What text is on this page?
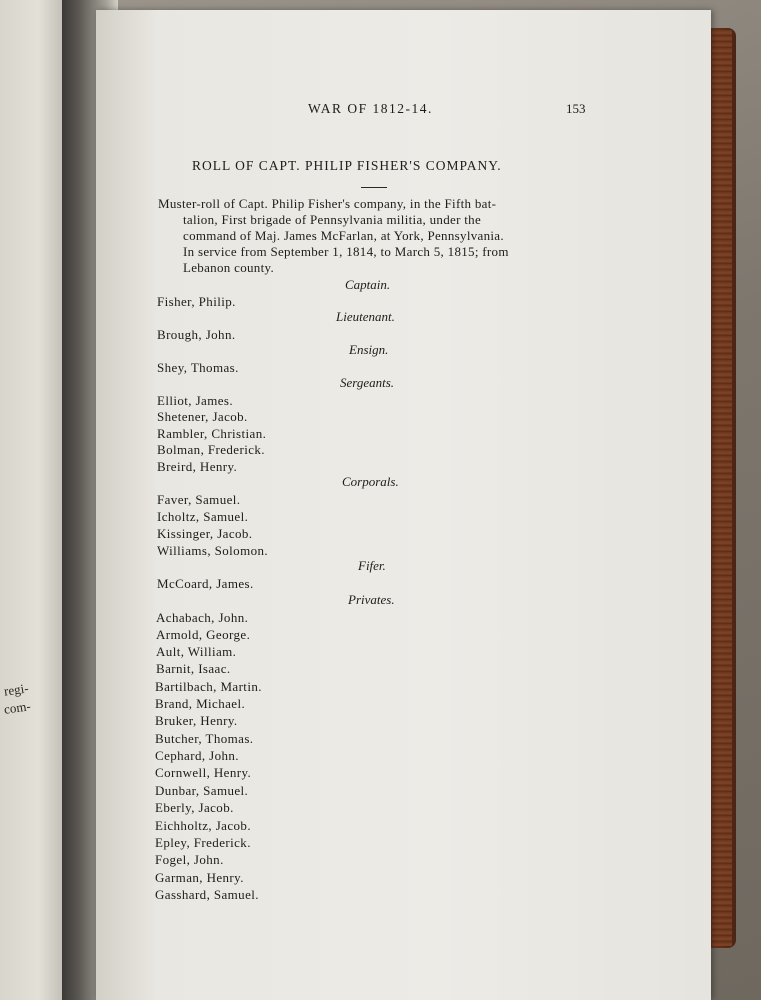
regi-
com-
WAR OF 1812-14.	153
ROLL OF CAPT. PHILIP FISHER'S COMPANY.
Muster-roll of Capt. Philip Fisher's company, in the Fifth bat-
talion, First brigade of Pennsylvania militia, under the
command of Maj. James McFarlan, at York, Pennsylvania.
In service from September 1, 1814, to March 5, 1815; from
Lebanon county.
Captain.
Fisher, Philip.
Lieutenant.
Brough, John.
Ensign.
Shey, Thomas.
Sergeants.
Elliot, James.
Shetener, Jacob.
Rambler, Christian.
Bolman, Frederick.
Breird, Henry.
Corporals.
Faver, Samuel.
Icholtz, Samuel.
Kissinger, Jacob.
Williams, Solomon.
Fifer.
McCoard, James.
Privates.
Achabach, John.
Armold, George.
Ault, William.
Barnit, Isaac.
Bartilbach, Martin.
Brand, Michael.
Bruker, Henry.
Butcher, Thomas.
Cephard, John.
Cornwell, Henry.
Dunbar, Samuel.
Eberly, Jacob.
Eichholtz, Jacob.
Epley, Frederick.
Fogel, John.
Garman, Henry.
Gasshard, Samuel.
